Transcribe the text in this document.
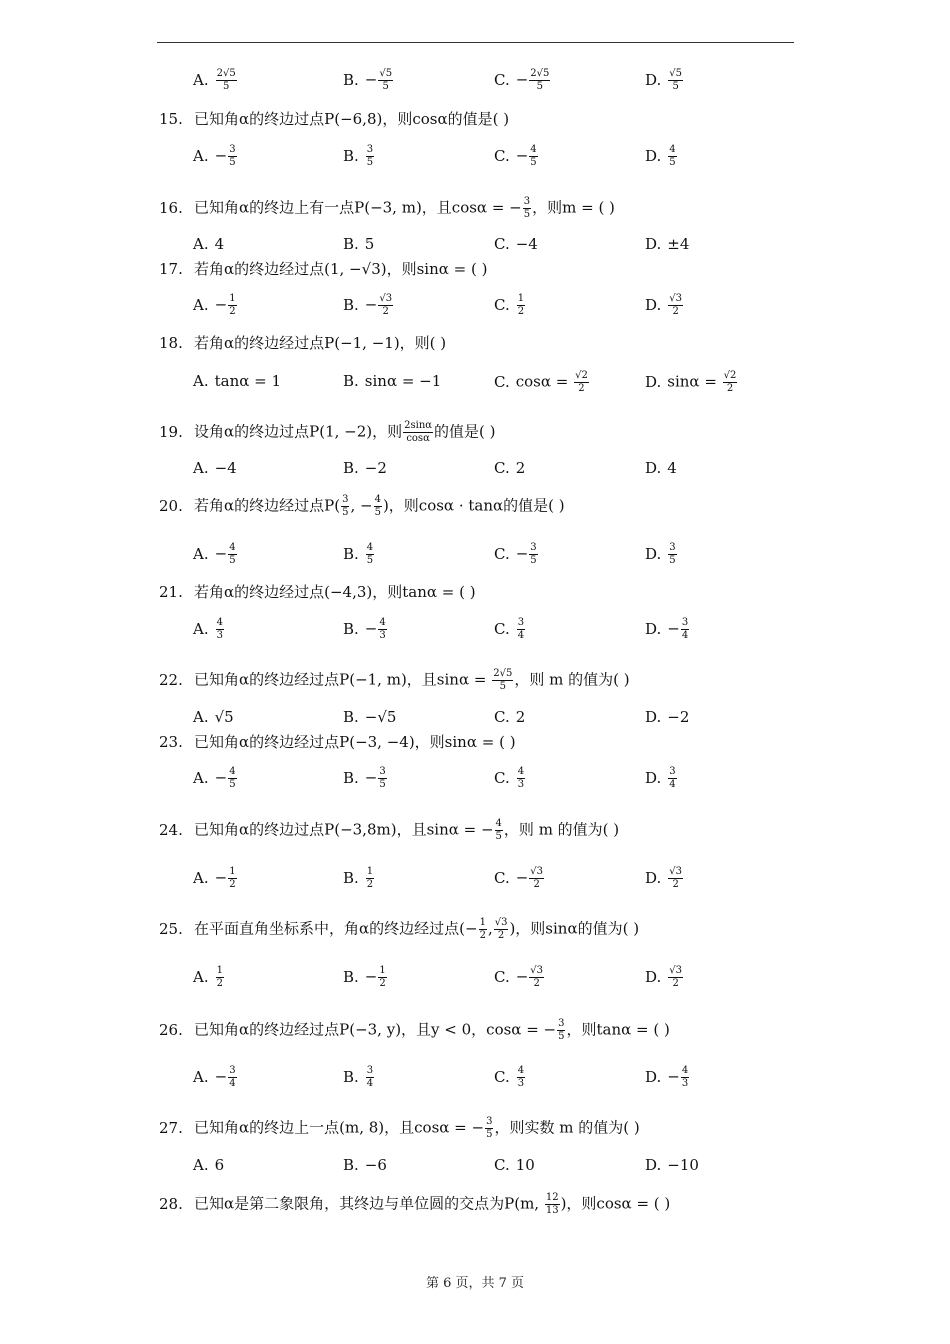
A. $\frac{2√5}{5}$	B. − $\frac{√5}{5}$	C. − $\frac{2√5}{5}$	D. $\frac{√5}{5}$
15. 已知角α的终边过点P(−6,8)，则cosα的值是( )
A. − $\frac{3}{5}$	B. $\frac{3}{5}$	C. − $\frac{4}{5}$	D. $\frac{4}{5}$
16. 已知角α的终边上有一点P(−3, m)，且cosα = − $\frac{3}{5}$ ，则m = ( )
A. 4	B. 5	C. −4	D. ±4
17. 若角α的终边经过点(1, −√3)，则sinα = ( )
A. − $\frac{1}{2}$	B. − $\frac{√3}{2}$	C. $\frac{1}{2}$	D. $\frac{√3}{2}$
18. 若角α的终边经过点P(−1, −1)，则( )
A. tanα = 1	B. sinα = −1	C. $\cos\alpha = \frac{√2}{2}$	D. $\sin\alpha = \frac{√2}{2}$
19. 设角α的终边过点P(1, −2)，则 $\frac{2\sin\alpha}{\cos\alpha}$ 的值是( )
A. −4	B. −2	C. 2	D. 4
20. 若角α的终边经过点$P( \frac{3}{5}$ , − $\frac{4}{5}$ )，则cosα · tanα的值是( )
A. − $\frac{4}{5}$	B. $\frac{4}{5}$	C. − $\frac{3}{5}$	D. $\frac{3}{5}$
21. 若角α的终边经过点(−4,3)，则tanα = ( )
A. $\frac{4}{3}$	B. − $\frac{4}{3}$	C. $\frac{3}{4}$	D. − $\frac{3}{4}$
22. 已知角α的终边经过点P(−1, m)，且$\sin\alpha = \frac{2√5}{5}$ ，则 m 的值为( )
A. √5	B. −√5	C. 2	D. −2
23. 已知角α的终边经过点P(−3, −4)，则sinα = ( )
A. − $\frac{4}{5}$	B. − $\frac{3}{5}$	C. $\frac{4}{3}$	D. $\frac{3}{4}$
24. 已知角α的终边过点P(−3,8m)，且sinα = − $\frac{4}{5}$ ，则 m 的值为( )
A. − $\frac{1}{2}$	B. $\frac{1}{2}$	C. − $\frac{√3}{2}$	D. $\frac{√3}{2}$
25. 在平面直角坐标系中，角α的终边经过点(− $\frac{1}{2}$ , $\frac{√3}{2}$ )，则sinα的值为( )
A. $\frac{1}{2}$	B. − $\frac{1}{2}$	C. − $\frac{√3}{2}$	D. $\frac{√3}{2}$
26. 已知角α的终边经过点P(−3, y)，且y < 0，cosα = − $\frac{3}{5}$ ，则tanα = ( )
A. − $\frac{3}{4}$	B. $\frac{3}{4}$	C. $\frac{4}{3}$	D. − $\frac{4}{3}$
27. 已知角α的终边上一点(m, 8)，且cosα = − $\frac{3}{5}$ ，则实数 m 的值为( )
A. 6	B. −6	C. 10	D. −10
28. 已知α是第二象限角，其终边与单位圆的交点为P(m, $\frac{12}{13}$ )，则cosα = ( )
第 6 页，共 7 页
